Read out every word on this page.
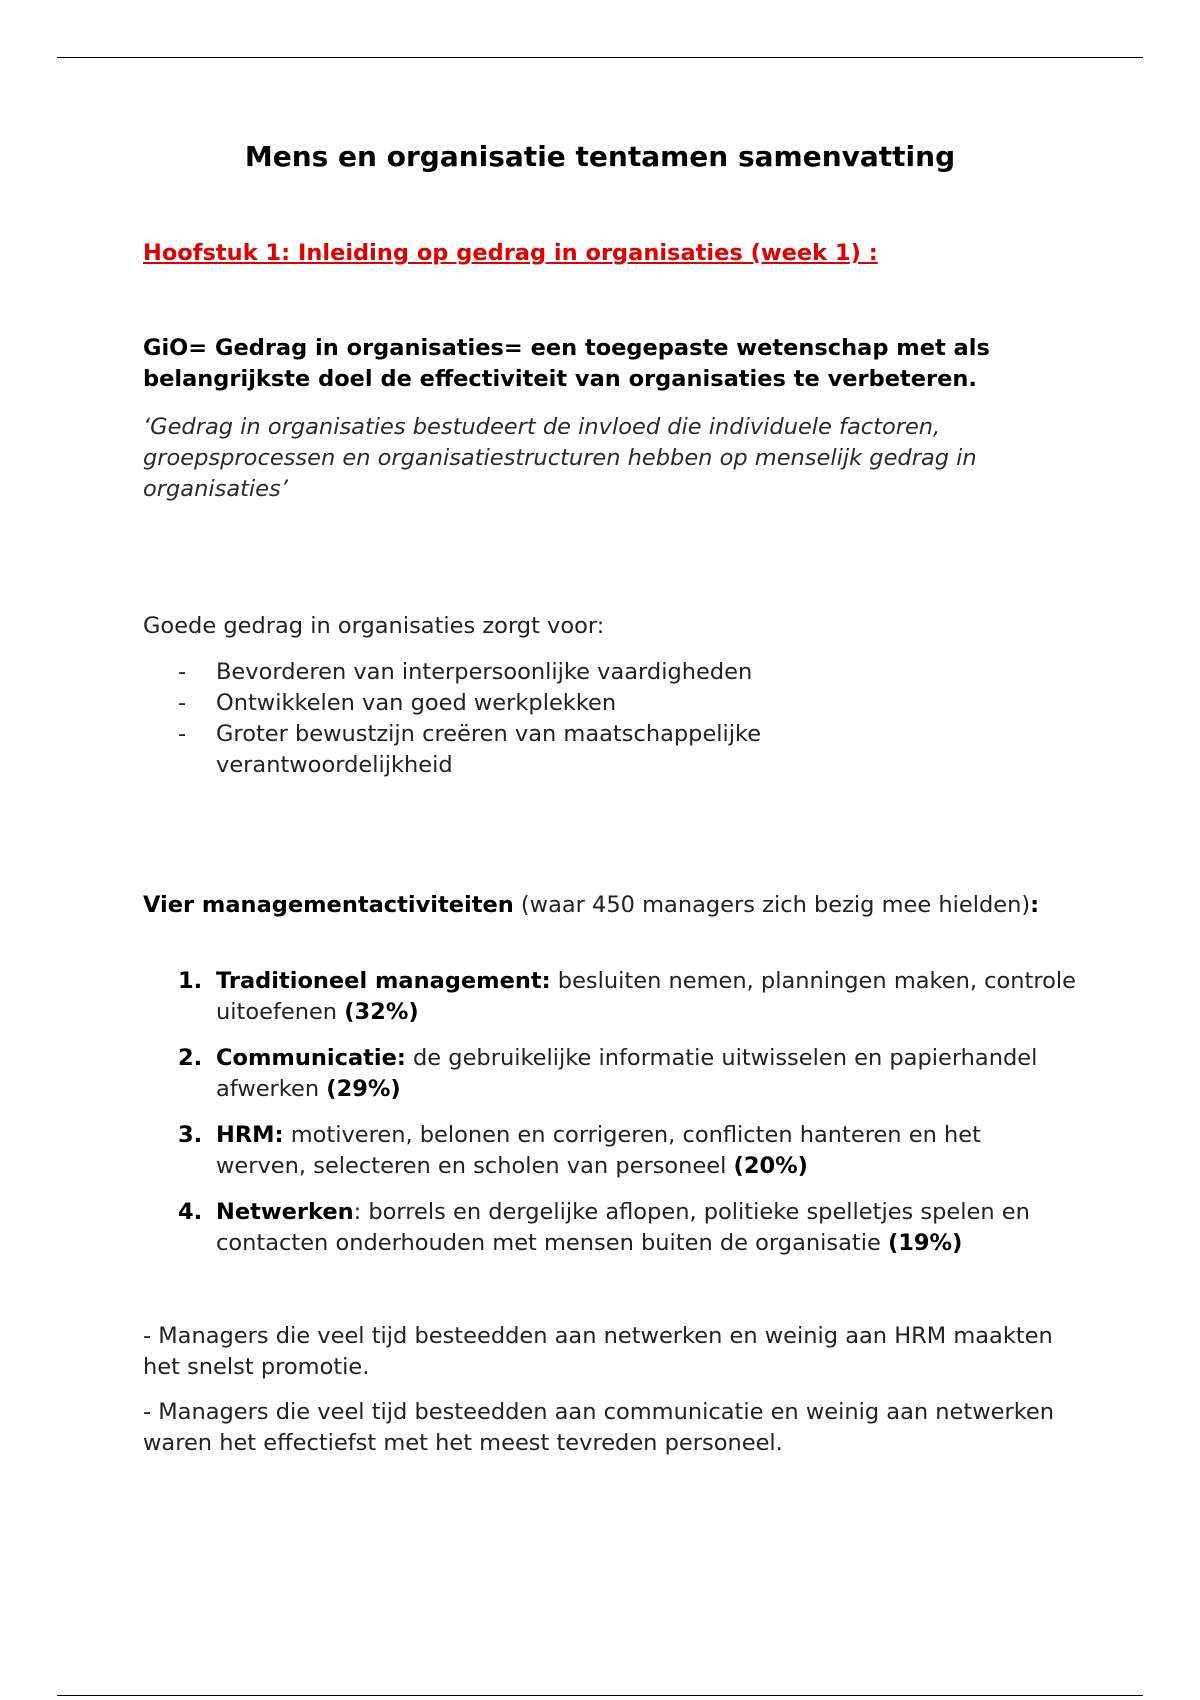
Mens en organisatie tentamen samenvatting

Hoofstuk 1: Inleiding op gedrag in organisaties (week 1) :

GiO= Gedrag in organisaties= een toegepaste wetenschap met als belangrijkste doel de effectiviteit van organisaties te verbeteren.

‘Gedrag in organisaties bestudeert de invloed die individuele factoren, groepsprocessen en organisatiestructuren hebben op menselijk gedrag in organisaties’

Goede gedrag in organisaties zorgt voor:

- Bevorderen van interpersoonlijke vaardigheden
- Ontwikkelen van goed werkplekken
- Groter bewustzijn creëren van maatschappelijke verantwoordelijkheid

Vier managementactiviteiten (waar 450 managers zich bezig mee hielden):

1. Traditioneel management: besluiten nemen, planningen maken, controle uitoefenen (32%)
2. Communicatie: de gebruikelijke informatie uitwisselen en papierhandel afwerken (29%)
3. HRM: motiveren, belonen en corrigeren, conflicten hanteren en het werven, selecteren en scholen van personeel (20%)
4. Netwerken: borrels en dergelijke aflopen, politieke spelletjes spelen en contacten onderhouden met mensen buiten de organisatie (19%)

- Managers die veel tijd besteedden aan netwerken en weinig aan HRM maakten het snelst promotie.

- Managers die veel tijd besteedden aan communicatie en weinig aan netwerken waren het effectiefst met het meest tevreden personeel.
